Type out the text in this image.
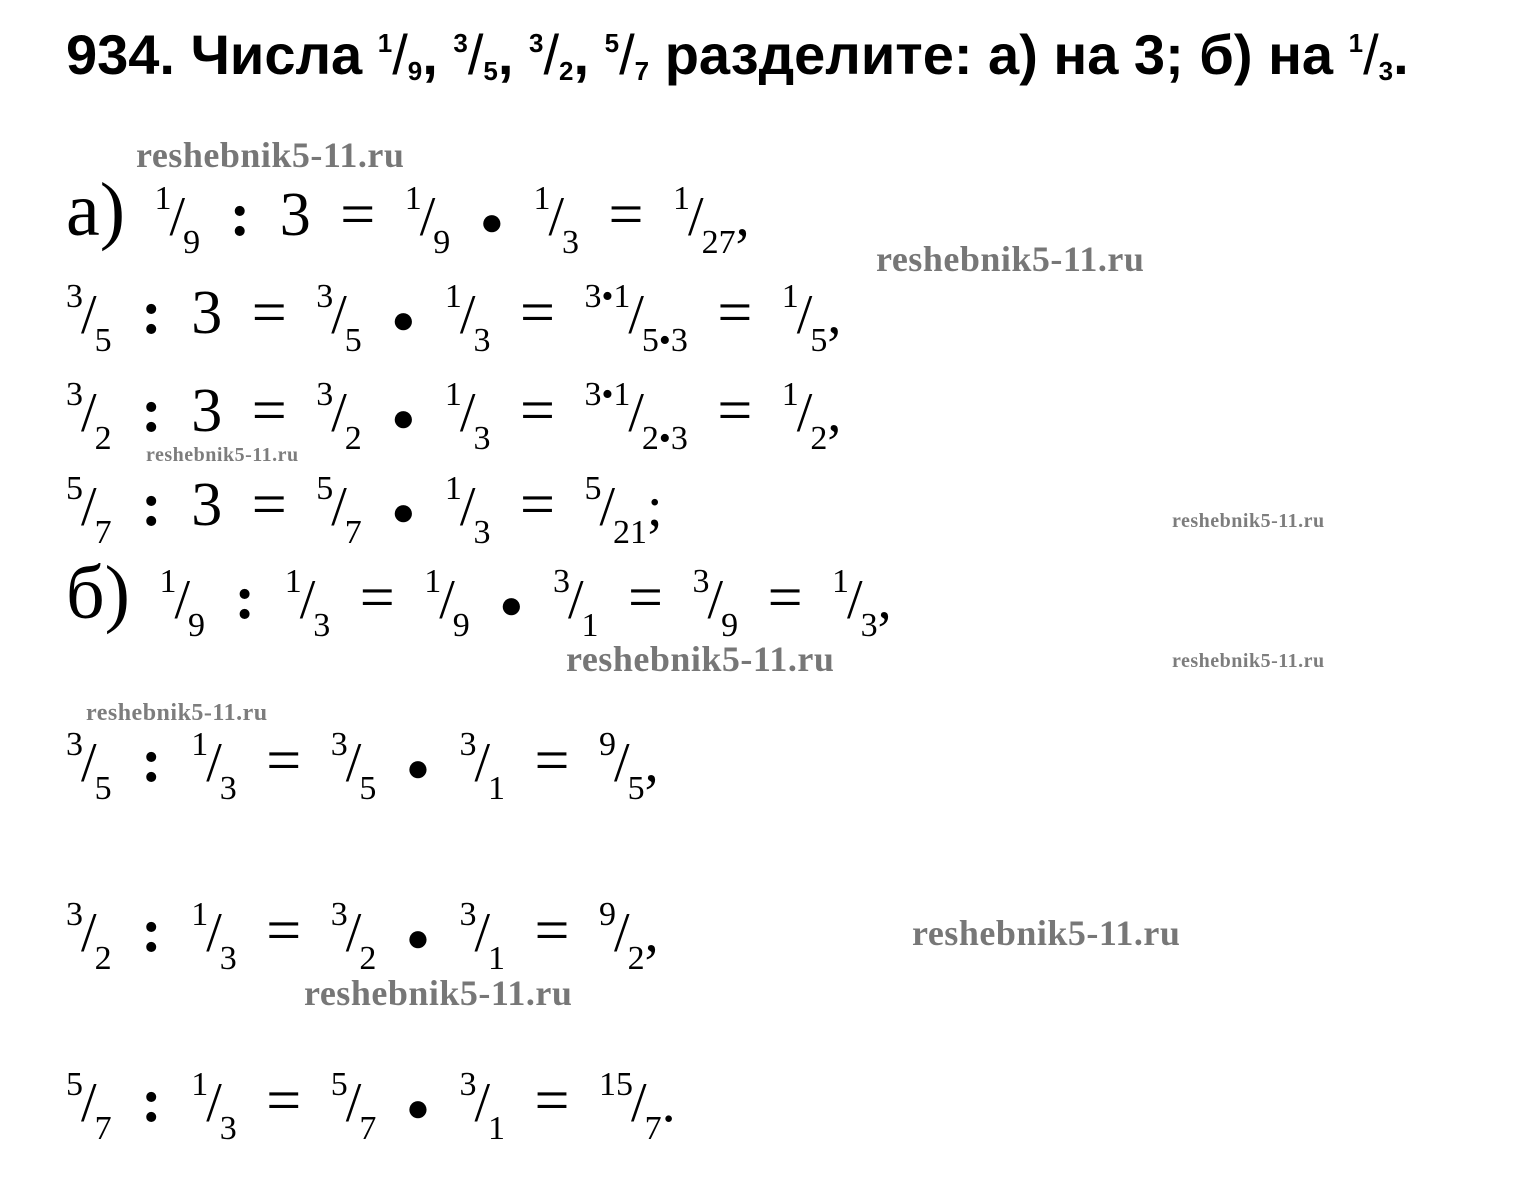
934. Числа $^1/_9$, $^3/_5$, $^3/_2$, $^5/_7$ разделите: а) на 3; б) на $^1/_3$.
а) 1/9 : 3 = 1/9 ● 1/3 = 1/27,
3/5 : 3 = 3/5 ● 1/3 = 3•1/5•3 = 1/5,
3/2 : 3 = 3/2 ● 1/3 = 3•1/2•3 = 1/2,
5/7 : 3 = 5/7 ● 1/3 = 5/21;
б) 1/9 : 1/3 = 1/9 ● 3/1 = 3/9 = 1/3,
3/5 : 1/3 = 3/5 ● 3/1 = 9/5,
3/2 : 1/3 = 3/2 ● 3/1 = 9/2,
5/7 : 1/3 = 5/7 ● 3/1 = 15/7.
reshebnik5-11.ru
reshebnik5-11.ru
reshebnik5-11.ru
reshebnik5-11.ru
reshebnik5-11.ru	reshebnik5-11.ru
reshebnik5-11.ru
reshebnik5-11.ru
reshebnik5-11.ru
